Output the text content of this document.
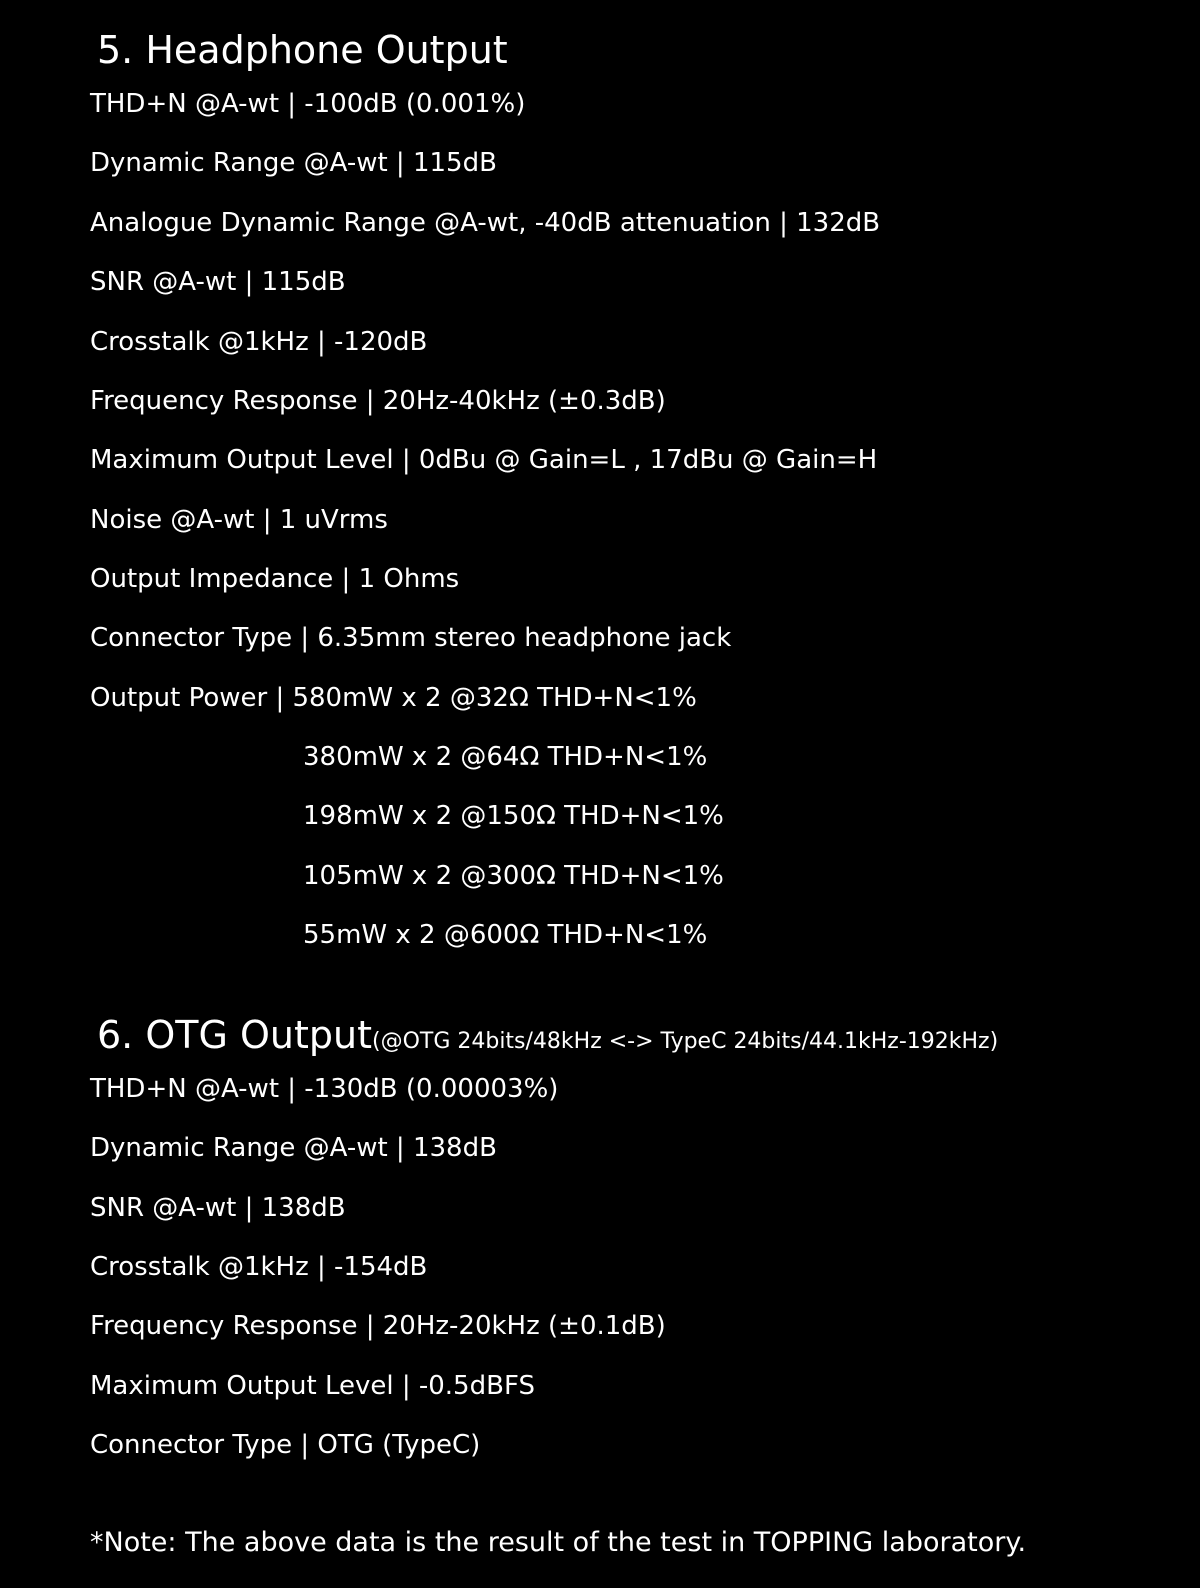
5. Headphone Output

THD+N @A-wt | -100dB (0.001%)

Dynamic Range @A-wt | 115dB

Analogue Dynamic Range @A-wt, -40dB attenuation | 132dB

SNR @A-wt | 115dB

Crosstalk @1kHz | -120dB

Frequency Response | 20Hz-40kHz (±0.3dB)

Maximum Output Level | 0dBu @ Gain=L , 17dBu @ Gain=H

Noise @A-wt | 1 uVrms

Output Impedance | 1 Ohms

Connector Type | 6.35mm stereo headphone jack

Output Power | 580mW x 2 @32Ω THD+N<1%

380mW x 2 @64Ω THD+N<1%

198mW x 2 @150Ω THD+N<1%

105mW x 2 @300Ω THD+N<1%

55mW x 2 @600Ω THD+N<1%

6. OTG Output(@OTG 24bits/48kHz <-> TypeC 24bits/44.1kHz-192kHz)

THD+N @A-wt | -130dB (0.00003%)

Dynamic Range @A-wt | 138dB

SNR @A-wt | 138dB

Crosstalk @1kHz | -154dB

Frequency Response | 20Hz-20kHz (±0.1dB)

Maximum Output Level | -0.5dBFS

Connector Type | OTG (TypeC)

*Note: The above data is the result of the test in TOPPING laboratory.
